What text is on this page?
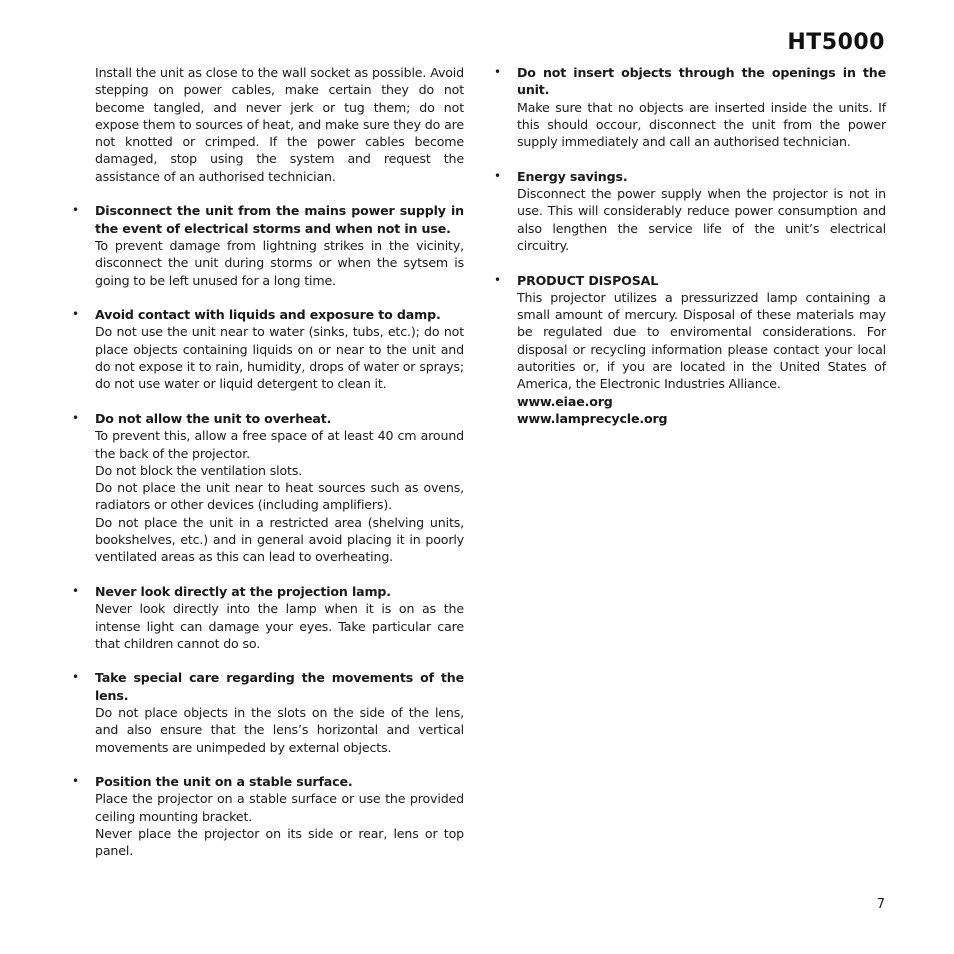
HT5000
Install the unit as close to the wall socket as possible. Avoid stepping on power cables, make certain they do not become tangled, and never jerk or tug them; do not expose them to sources of heat, and make sure they do are not knotted or crimped. If the power cables become damaged, stop using the system and request the assistance of an authorised technician.
• Disconnect the unit from the mains power supply in the event of electrical storms and when not in use.
To prevent damage from lightning strikes in the vicinity, disconnect the unit during storms or when the sytsem is going to be left unused for a long time.
• Avoid contact with liquids and exposure to damp.
Do not use the unit near to water (sinks, tubs, etc.); do not place objects containing liquids on or near to the unit and do not expose it to rain, humidity, drops of water or sprays; do not use water or liquid detergent to clean it.
• Do not allow the unit to overheat.
To prevent this, allow a free space of at least 40 cm around the back of the projector.
Do not block the ventilation slots.
Do not place the unit near to heat sources such as ovens, radiators or other devices (including amplifiers).
Do not place the unit in a restricted area (shelving units, bookshelves, etc.) and in general avoid placing it in poorly ventilated areas as this can lead to overheating.
• Never look directly at the projection lamp.
Never look directly into the lamp when it is on as the intense light can damage your eyes. Take particular care that children cannot do so.
• Take special care regarding the movements of the lens.
Do not place objects in the slots on the side of the lens, and also ensure that the lens’s horizontal and vertical movements are unimpeded by external objects.
• Position the unit on a stable surface.
Place the projector on a stable surface or use the provided ceiling mounting bracket.
Never place the projector on its side or rear, lens or top panel.
• Do not insert objects through the openings in the unit.
Make sure that no objects are inserted inside the units. If this should occour, disconnect the unit from the power supply immediately and call an authorised technician.
• Energy savings.
Disconnect the power supply when the projector is not in use. This will considerably reduce power consumption and also lengthen the service life of the unit’s electrical circuitry.
• PRODUCT DISPOSAL
This projector utilizes a pressurizzed lamp containing a small amount of mercury. Disposal of these materials may be regulated due to enviromental considerations. For disposal or recycling information please contact your local autorities or, if you are located in the United States of America, the Electronic Industries Alliance.
www.eiae.org
www.lamprecycle.org
7
